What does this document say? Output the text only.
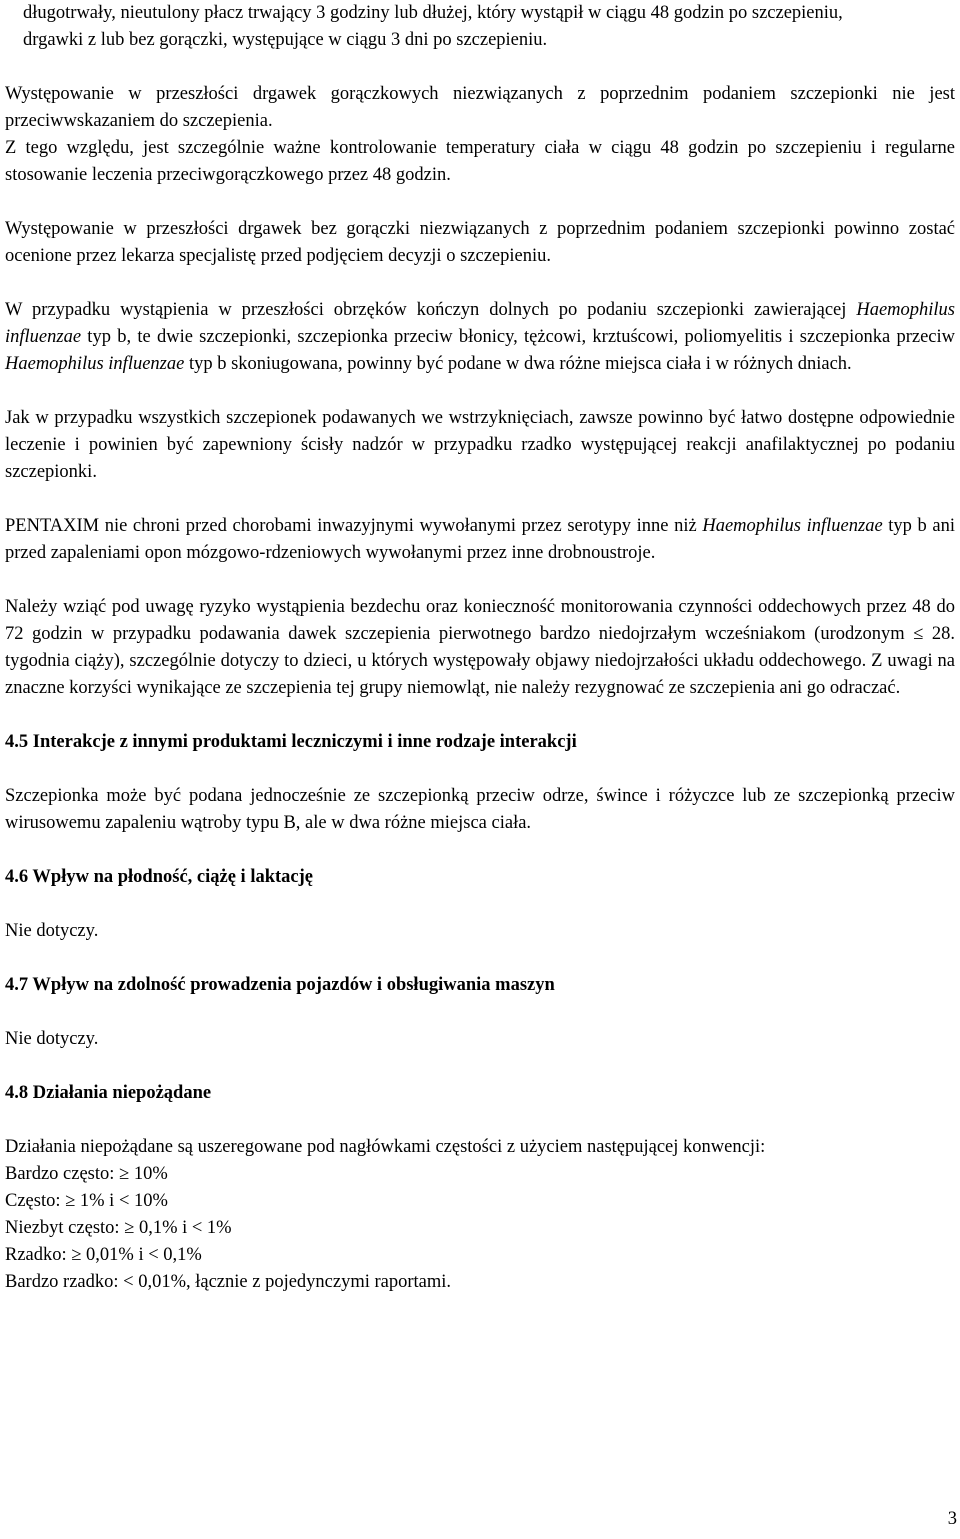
długotrwały, nieutulony płacz trwający 3 godziny lub dłużej, który wystąpił w ciągu 48 godzin po szczepieniu,
drgawki z lub bez gorączki, występujące w ciągu 3 dni po szczepieniu.

Występowanie w przeszłości drgawek gorączkowych niezwiązanych z poprzednim podaniem szczepionki nie jest przeciwwskazaniem do szczepienia.

Z tego względu, jest szczególnie ważne kontrolowanie temperatury ciała w ciągu 48 godzin po szczepieniu i regularne stosowanie leczenia przeciwgorączkowego przez 48 godzin.

Występowanie w przeszłości drgawek bez gorączki niezwiązanych z poprzednim podaniem szczepionki powinno zostać ocenione przez lekarza specjalistę przed podjęciem decyzji o szczepieniu.

W przypadku wystąpienia w przeszłości obrzęków kończyn dolnych po podaniu szczepionki zawierającej Haemophilus influenzae typ b, te dwie szczepionki, szczepionka przeciw błonicy, tężcowi, krztuścowi, poliomyelitis i szczepionka przeciw Haemophilus influenzae typ b skoniugowana, powinny być podane w dwa różne miejsca ciała i w różnych dniach.

Jak w przypadku wszystkich szczepionek podawanych we wstrzyknięciach, zawsze powinno być łatwo dostępne odpowiednie leczenie i powinien być zapewniony ścisły nadzór w przypadku rzadko występującej reakcji anafilaktycznej po podaniu szczepionki.

PENTAXIM nie chroni przed chorobami inwazyjnymi wywołanymi przez serotypy inne niż Haemophilus influenzae typ b ani przed zapaleniami opon mózgowo-rdzeniowych wywołanymi przez inne drobnoustroje.

Należy wziąć pod uwagę ryzyko wystąpienia bezdechu oraz konieczność monitorowania czynności oddechowych przez 48 do 72 godzin w przypadku podawania dawek szczepienia pierwotnego bardzo niedojrzałym wcześniakom (urodzonym ≤ 28. tygodnia ciąży), szczególnie dotyczy to dzieci, u których występowały objawy niedojrzałości układu oddechowego. Z uwagi na znaczne korzyści wynikające ze szczepienia tej grupy niemowląt, nie należy rezygnować ze szczepienia ani go odraczać.

4.5 Interakcje z innymi produktami leczniczymi i inne rodzaje interakcji

Szczepionka może być podana jednocześnie ze szczepionką przeciw odrze, śwince i różyczce lub ze szczepionką przeciw wirusowemu zapaleniu wątroby typu B, ale w dwa różne miejsca ciała.

4.6 Wpływ na płodność, ciążę i laktację

Nie dotyczy.

4.7 Wpływ na zdolność prowadzenia pojazdów i obsługiwania maszyn

Nie dotyczy.

4.8 Działania niepożądane

Działania niepożądane są uszeregowane pod nagłówkami częstości z użyciem następującej konwencji:

Bardzo często: ≥ 10%

Często: ≥ 1% i < 10%

Niezbyt często: ≥ 0,1% i < 1%

Rzadko: ≥ 0,01% i < 0,1%

Bardzo rzadko: < 0,01%, łącznie z pojedynczymi raportami.

3
